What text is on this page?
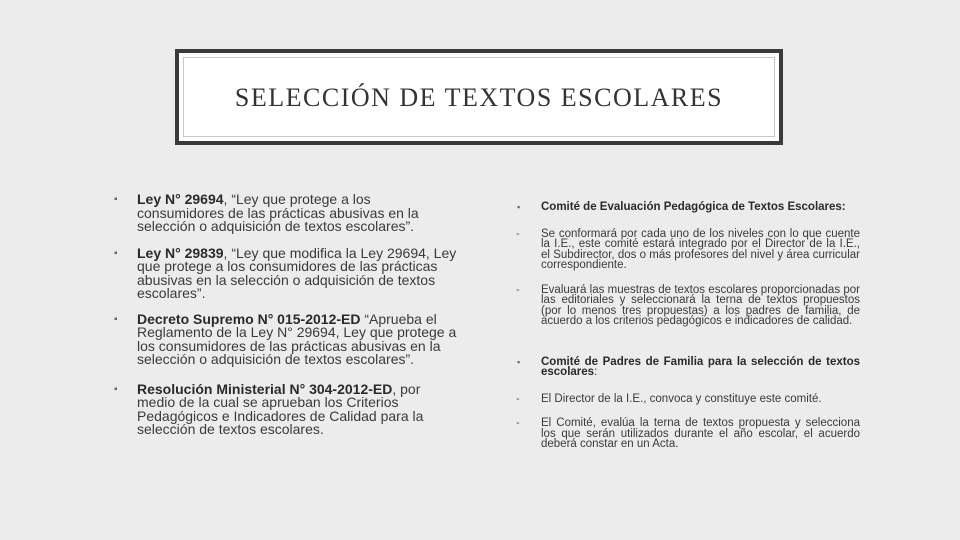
SELECCIÓN DE TEXTOS ESCOLARES
▪ Ley N° 29694, “Ley que protege a los consumidores de las prácticas abusivas en la selección o adquisición de textos escolares”.
▪ Ley N° 29839, “Ley que modifica la Ley 29694, Ley que protege a los consumidores de las prácticas abusivas en la selección o adquisición de textos escolares”.
▪ Decreto Supremo N° 015-2012-ED “Aprueba el Reglamento de la Ley N° 29694, Ley que protege a los consumidores de las prácticas abusivas en la selección o adquisición de textos escolares”.
▪ Resolución Ministerial N° 304-2012-ED, por medio de la cual se aprueban los Criterios Pedagógicos e Indicadores de Calidad para la selección de textos escolares.
▪ Comité de Evaluación Pedagógica de Textos Escolares:
- Se conformará por cada uno de los niveles con lo que cuente la I.E., este comité estará integrado por el Director de la I.E., el Subdirector, dos o más profesores del nivel y área curricular correspondiente.
- Evaluará las muestras de textos escolares proporcionadas por las editoriales y seleccionará la terna de textos propuestos (por lo menos tres propuestas) a los padres de familia, de acuerdo a los criterios pedagógicos e indicadores de calidad.
▪ Comité de Padres de Familia para la selección de textos escolares:
- El Director de la I.E., convoca y constituye este comité.
- El Comité, evalúa la terna de textos propuesta y selecciona los que serán utilizados durante el año escolar, el acuerdo deberá constar en un Acta.
